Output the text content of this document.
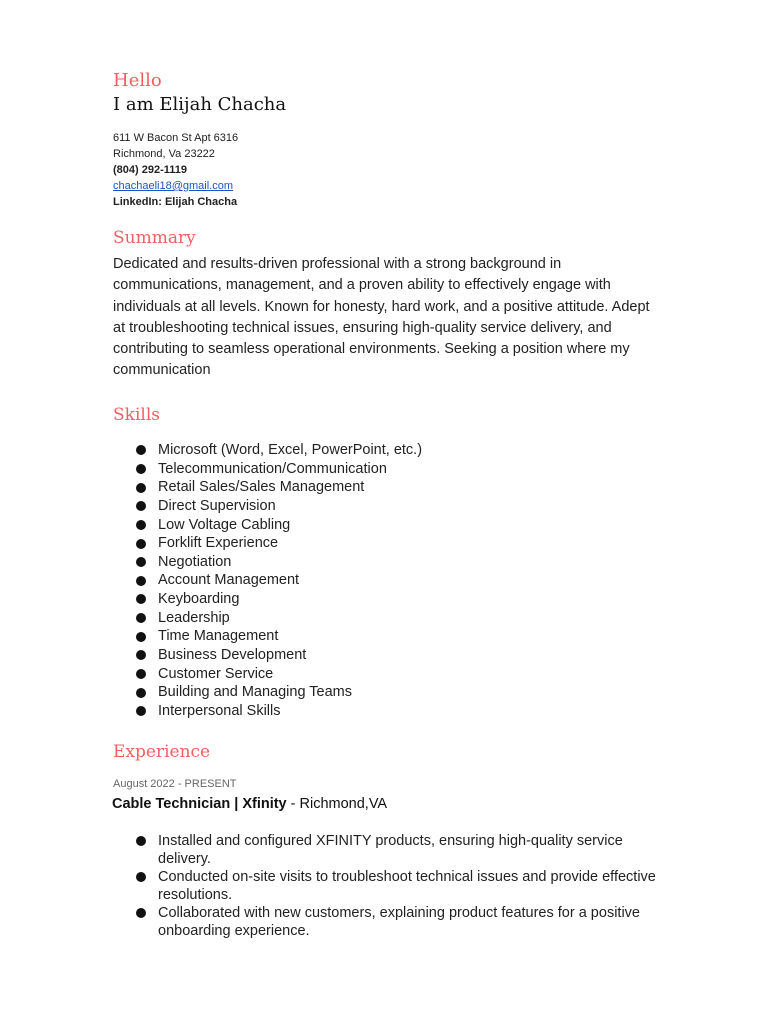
Hello
I am Elijah Chacha
611 W Bacon St Apt 6316
Richmond, Va 23222
(804) 292-1119
chachaeli18@gmail.com
LinkedIn: Elijah Chacha
Summary
Dedicated and results-driven professional with a strong background in communications, management, and a proven ability to effectively engage with individuals at all levels. Known for honesty, hard work, and a positive attitude. Adept at troubleshooting technical issues, ensuring high-quality service delivery, and contributing to seamless operational environments. Seeking a position where my communication
Skills
Microsoft (Word, Excel, PowerPoint, etc.)
Telecommunication/Communication
Retail Sales/Sales Management
Direct Supervision
Low Voltage Cabling
Forklift Experience
Negotiation
Account Management
Keyboarding
Leadership
Time Management
Business Development
Customer Service
Building and Managing Teams
Interpersonal Skills
Experience
August 2022 - PRESENT
Cable Technician | Xfinity - Richmond,VA
Installed and configured XFINITY products, ensuring high-quality service delivery.
Conducted on-site visits to troubleshoot technical issues and provide effective resolutions.
Collaborated with new customers, explaining product features for a positive onboarding experience.
